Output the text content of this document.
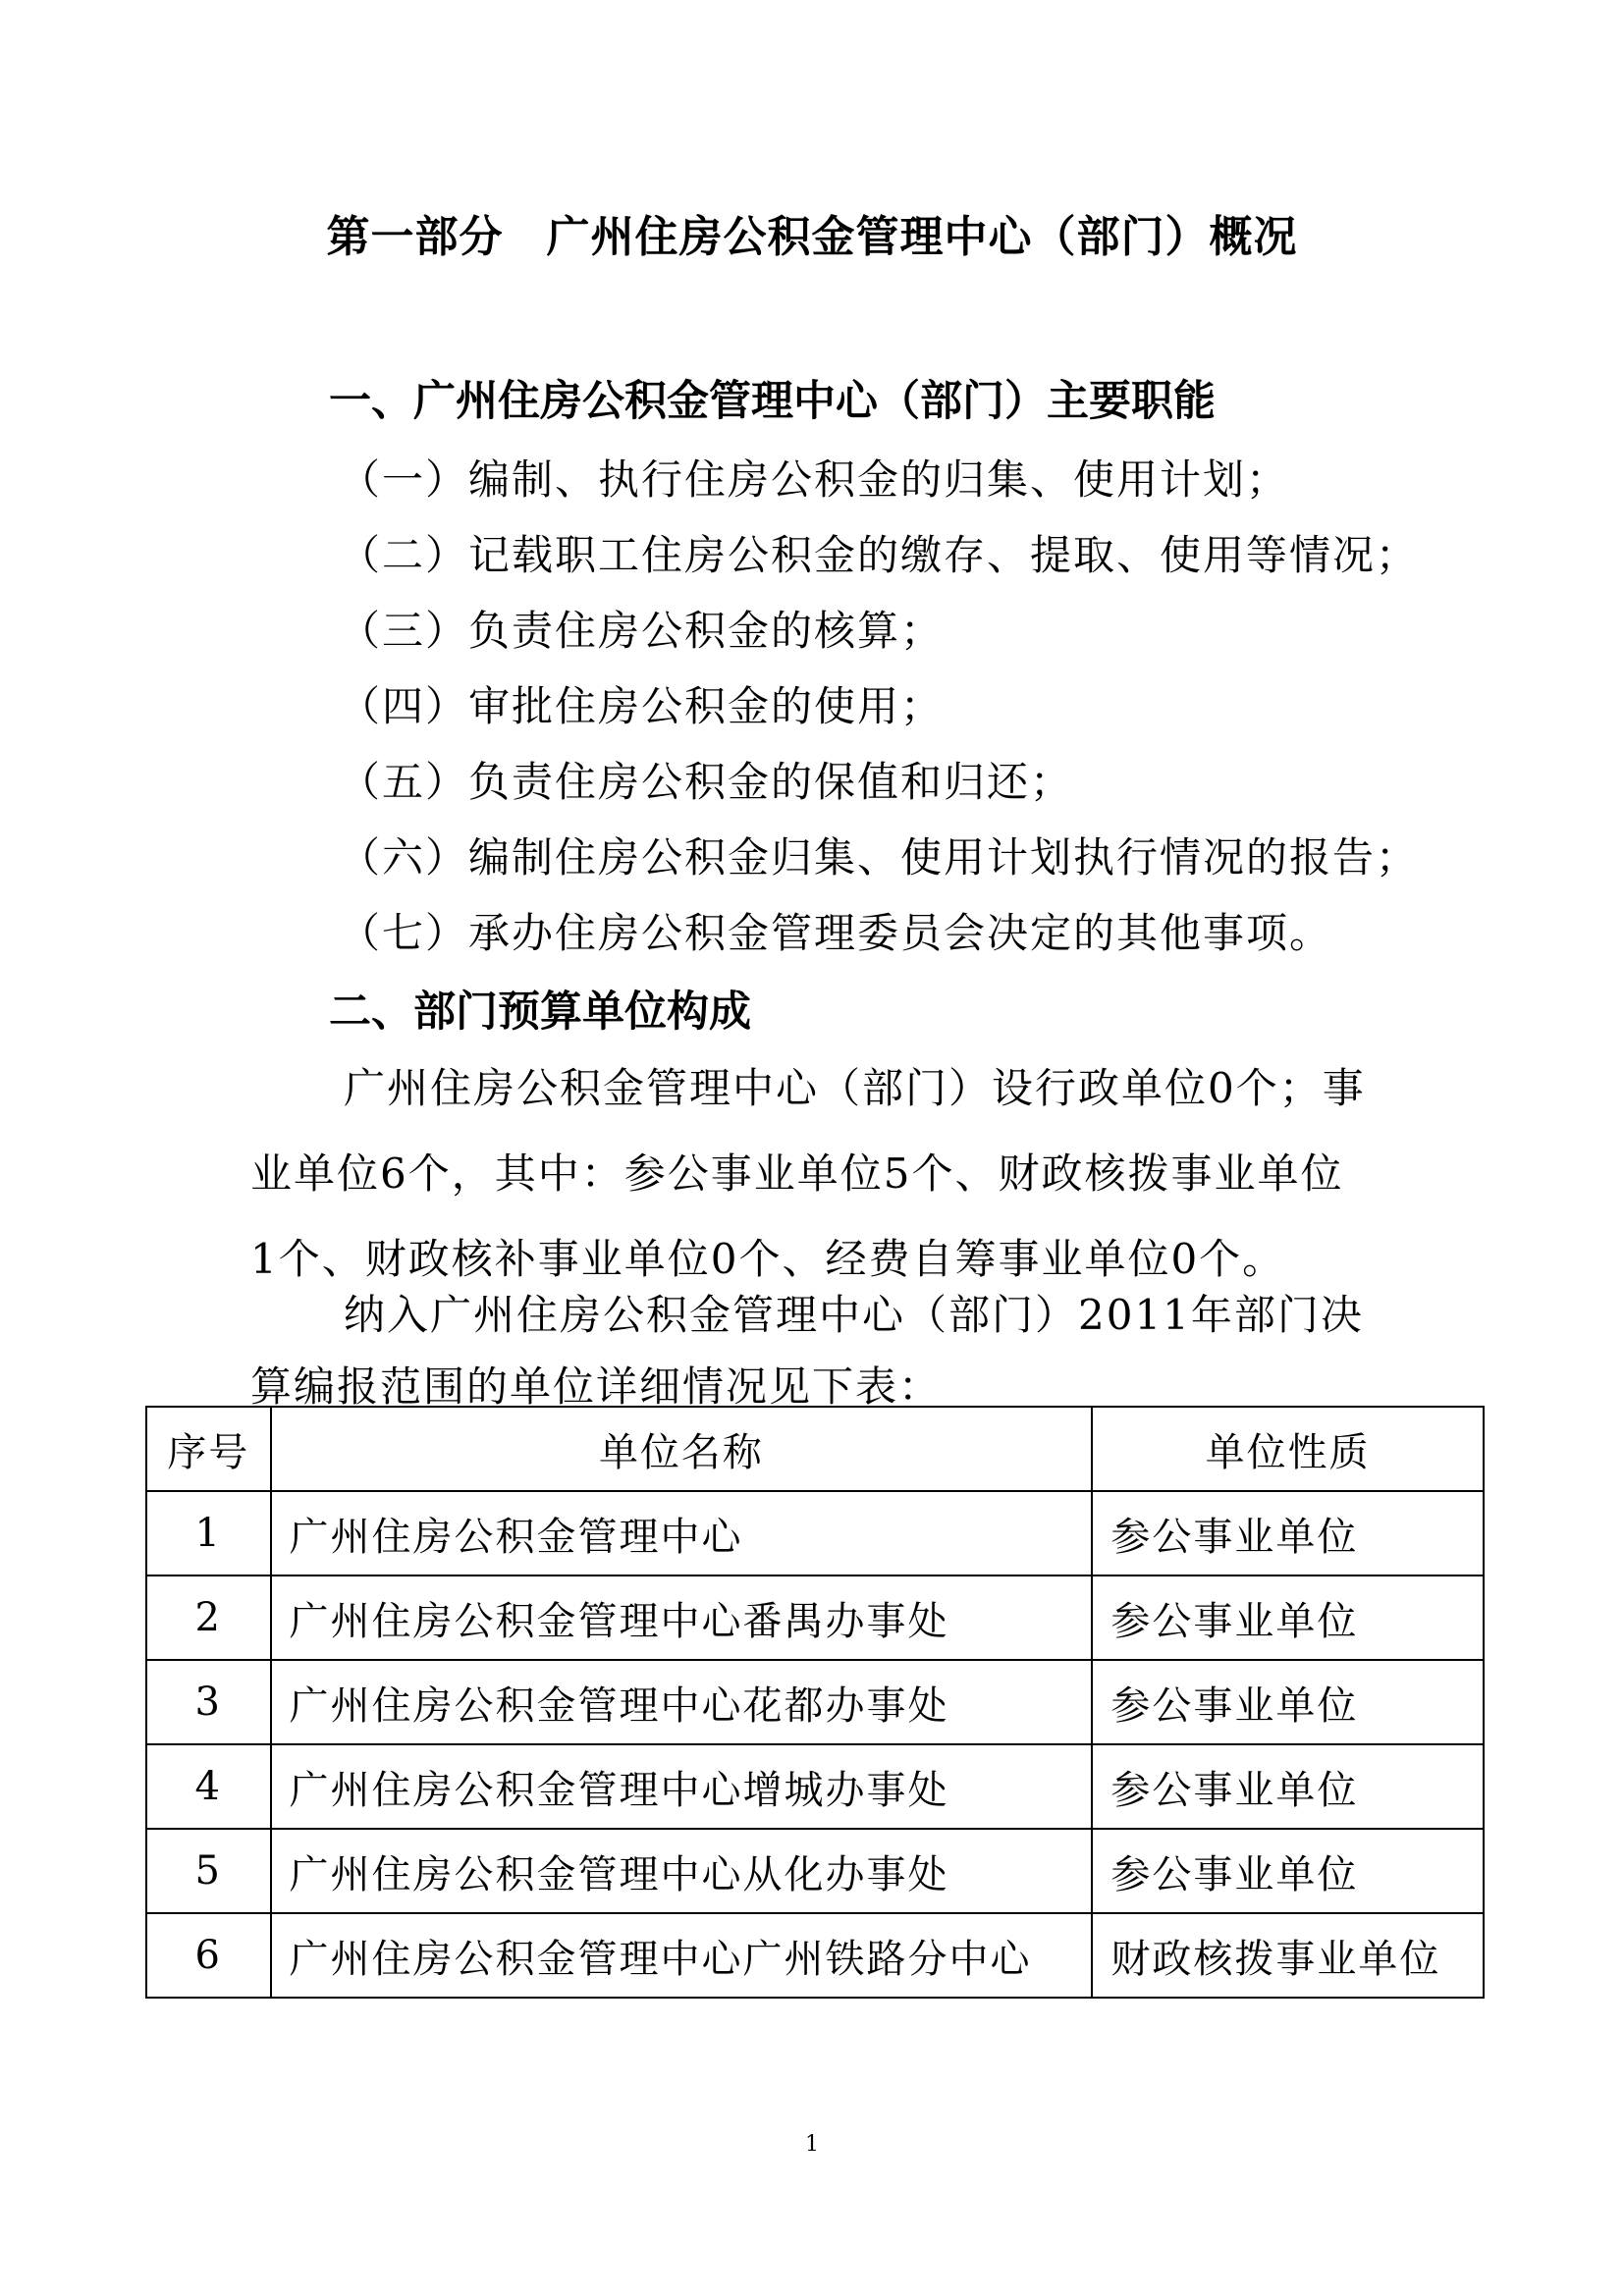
第一部分 广州住房公积金管理中心（部门）概况
一、广州住房公积金管理中心（部门）主要职能
（一）编制、执行住房公积金的归集、使用计划；
（二）记载职工住房公积金的缴存、提取、使用等情况；
（三）负责住房公积金的核算；
（四）审批住房公积金的使用；
（五）负责住房公积金的保值和归还；
（六）编制住房公积金归集、使用计划执行情况的报告；
（七）承办住房公积金管理委员会决定的其他事项。
二、部门预算单位构成
广州住房公积金管理中心（部门）设行政单位0个；事
业单位6个，其中：参公事业单位5个、财政核拨事业单位
1个、财政核补事业单位0个、经费自筹事业单位0个。
纳入广州住房公积金管理中心（部门）2011年部门决
算编报范围的单位详细情况见下表：
序号	单位名称	单位性质
1	广州住房公积金管理中心	参公事业单位
2	广州住房公积金管理中心番禺办事处	参公事业单位
3	广州住房公积金管理中心花都办事处	参公事业单位
4	广州住房公积金管理中心增城办事处	参公事业单位
5	广州住房公积金管理中心从化办事处	参公事业单位
6	广州住房公积金管理中心广州铁路分中心	财政核拨事业单位
1
